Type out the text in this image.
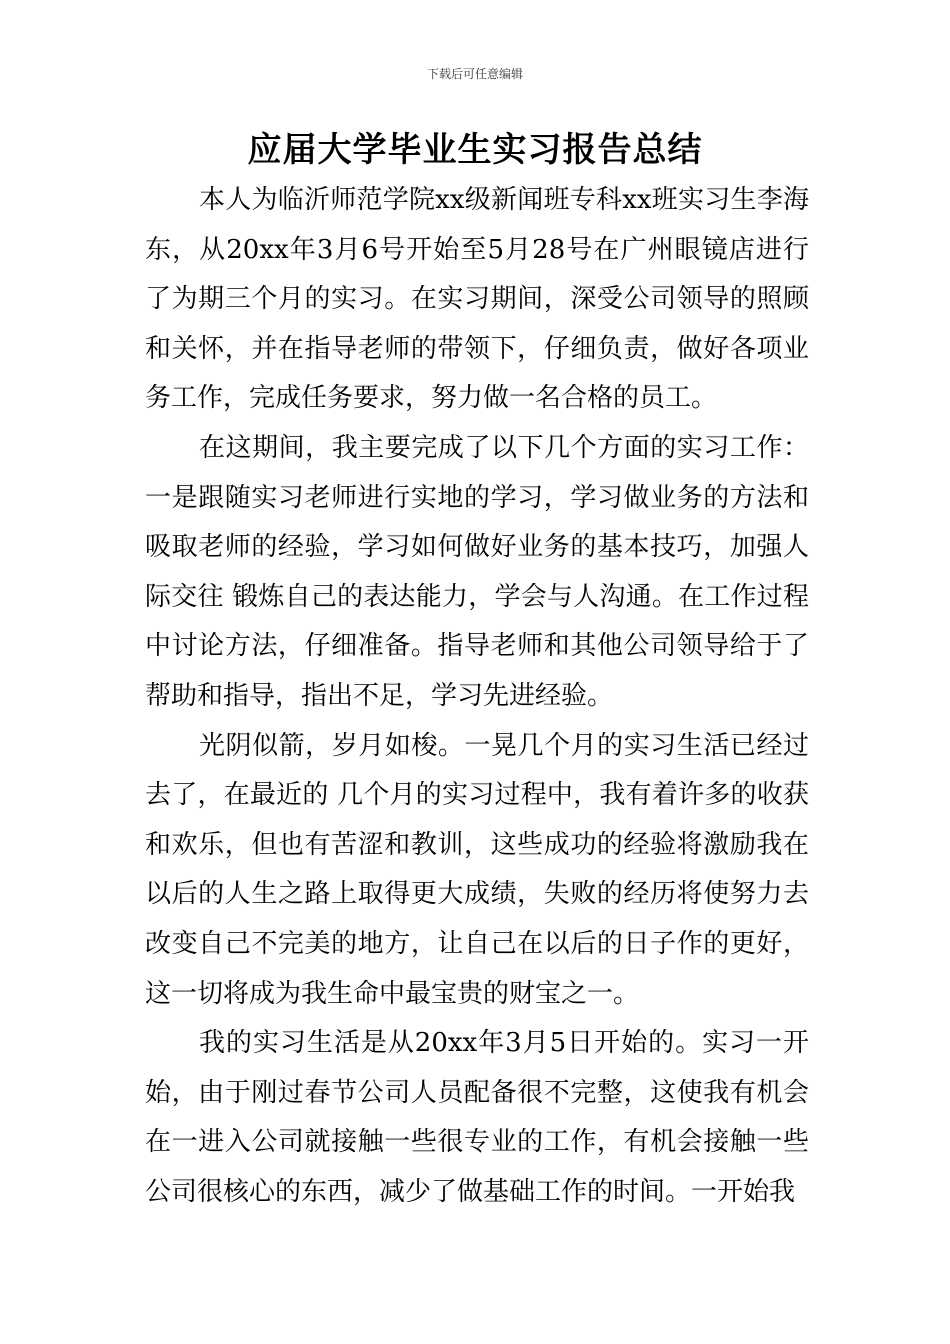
下载后可任意编辑
应届大学毕业生实习报告总结

本人为临沂师范学院xx级新闻班专科xx班实习生李海东，从20xx年3月6号开始至5月28号在广州眼镜店进行了为期三个月的实习。在实习期间，深受公司领导的照顾和关怀，并在指导老师的带领下，仔细负责，做好各项业务工作，完成任务要求，努力做一名合格的员工。

在这期间，我主要完成了以下几个方面的实习工作：一是跟随实习老师进行实地的学习，学习做业务的方法和吸取老师的经验，学习如何做好业务的基本技巧，加强人际交往 锻炼自己的表达能力，学会与人沟通。在工作过程中讨论方法，仔细准备。指导老师和其他公司领导给于了帮助和指导，指出不足，学习先进经验。

光阴似箭，岁月如梭。一晃几个月的实习生活已经过去了，在最近的 几个月的实习过程中，我有着许多的收获和欢乐，但也有苦涩和教训，这些成功的经验将激励我在以后的人生之路上取得更大成绩，失败的经历将使努力去改变自己不完美的地方，让自己在以后的日子作的更好，这一切将成为我生命中最宝贵的财宝之一。

我的实习生活是从20xx年3月5日开始的。实习一开始，由于刚过春节公司人员配备很不完整，这使我有机会在一进入公司就接触一些很专业的工作，有机会接触一些公司很核心的东西，减少了做基础工作的时间。一开始我
